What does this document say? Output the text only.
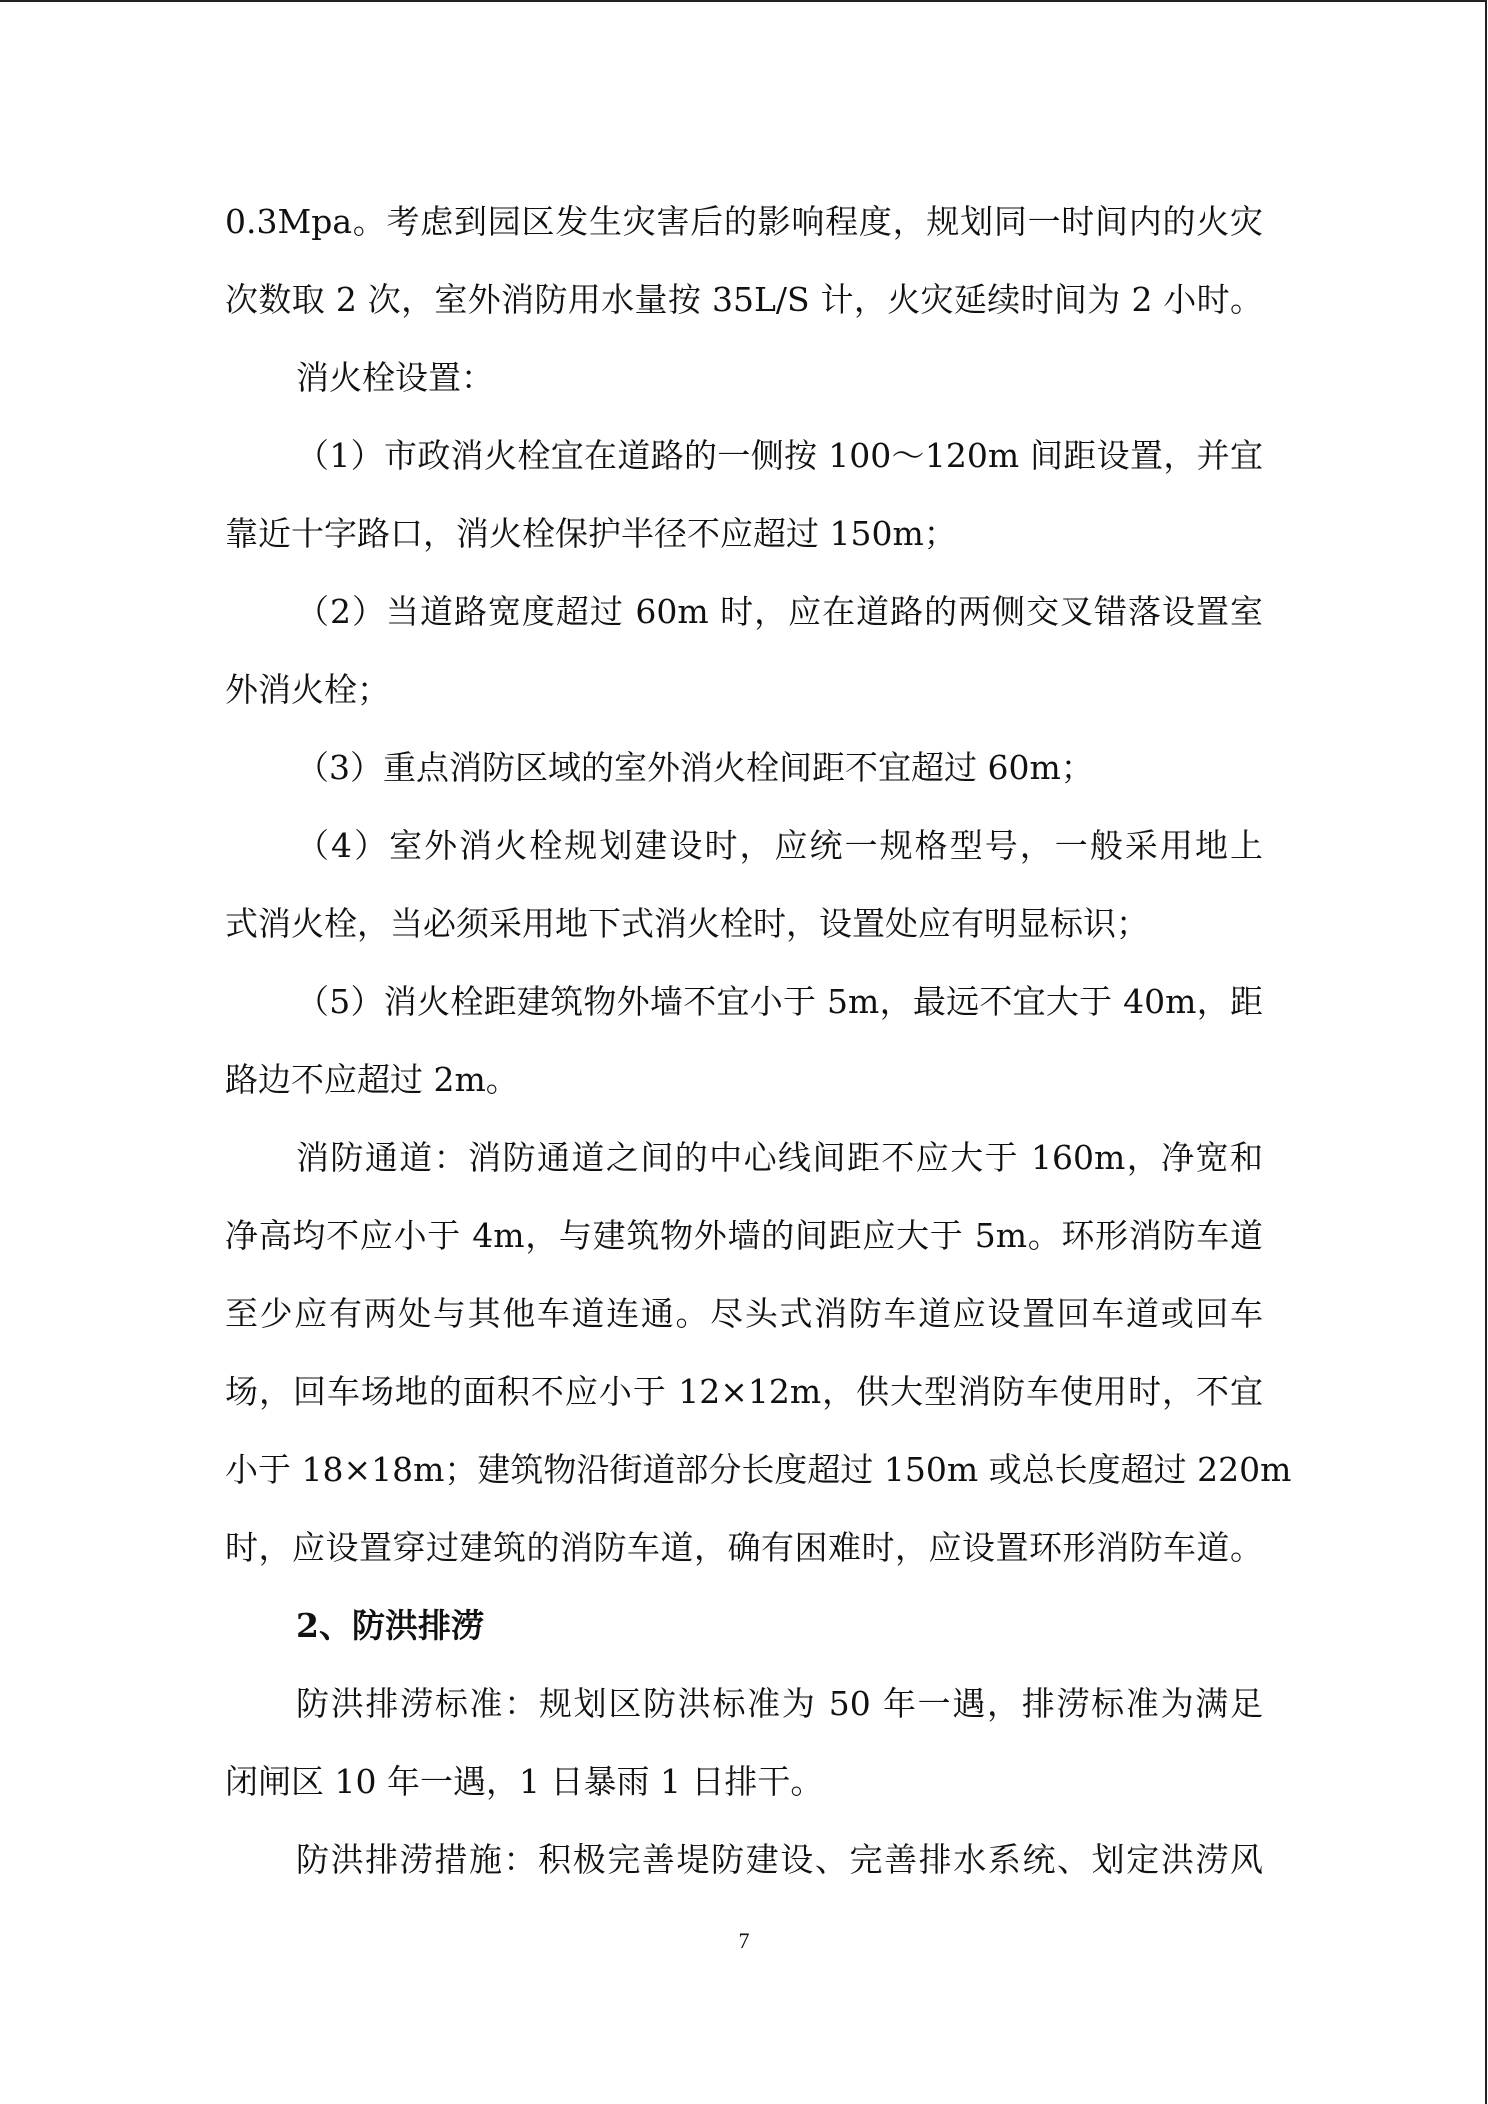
0.3Mpa。考虑到园区发生灾害后的影响程度，规划同一时间内的火灾
次数取 2 次，室外消防用水量按 35L/S 计，火灾延续时间为 2 小时。
消火栓设置：
（1）市政消火栓宜在道路的一侧按 100～120m 间距设置，并宜
靠近十字路口，消火栓保护半径不应超过 150m；
（2）当道路宽度超过 60m 时，应在道路的两侧交叉错落设置室
外消火栓；
（3）重点消防区域的室外消火栓间距不宜超过 60m；
（4）室外消火栓规划建设时，应统一规格型号，一般采用地上
式消火栓，当必须采用地下式消火栓时，设置处应有明显标识；
（5）消火栓距建筑物外墙不宜小于 5m，最远不宜大于 40m，距
路边不应超过 2m。
消防通道：消防通道之间的中心线间距不应大于 160m，净宽和
净高均不应小于 4m，与建筑物外墙的间距应大于 5m。环形消防车道
至少应有两处与其他车道连通。尽头式消防车道应设置回车道或回车
场，回车场地的面积不应小于 12×12m，供大型消防车使用时，不宜
小于 18×18m；建筑物沿街道部分长度超过 150m 或总长度超过 220m
时，应设置穿过建筑的消防车道，确有困难时，应设置环形消防车道。
2、防洪排涝
防洪排涝标准：规划区防洪标准为 50 年一遇，排涝标准为满足
闭闸区 10 年一遇，1 日暴雨 1 日排干。
防洪排涝措施：积极完善堤防建设、完善排水系统、划定洪涝风
7
